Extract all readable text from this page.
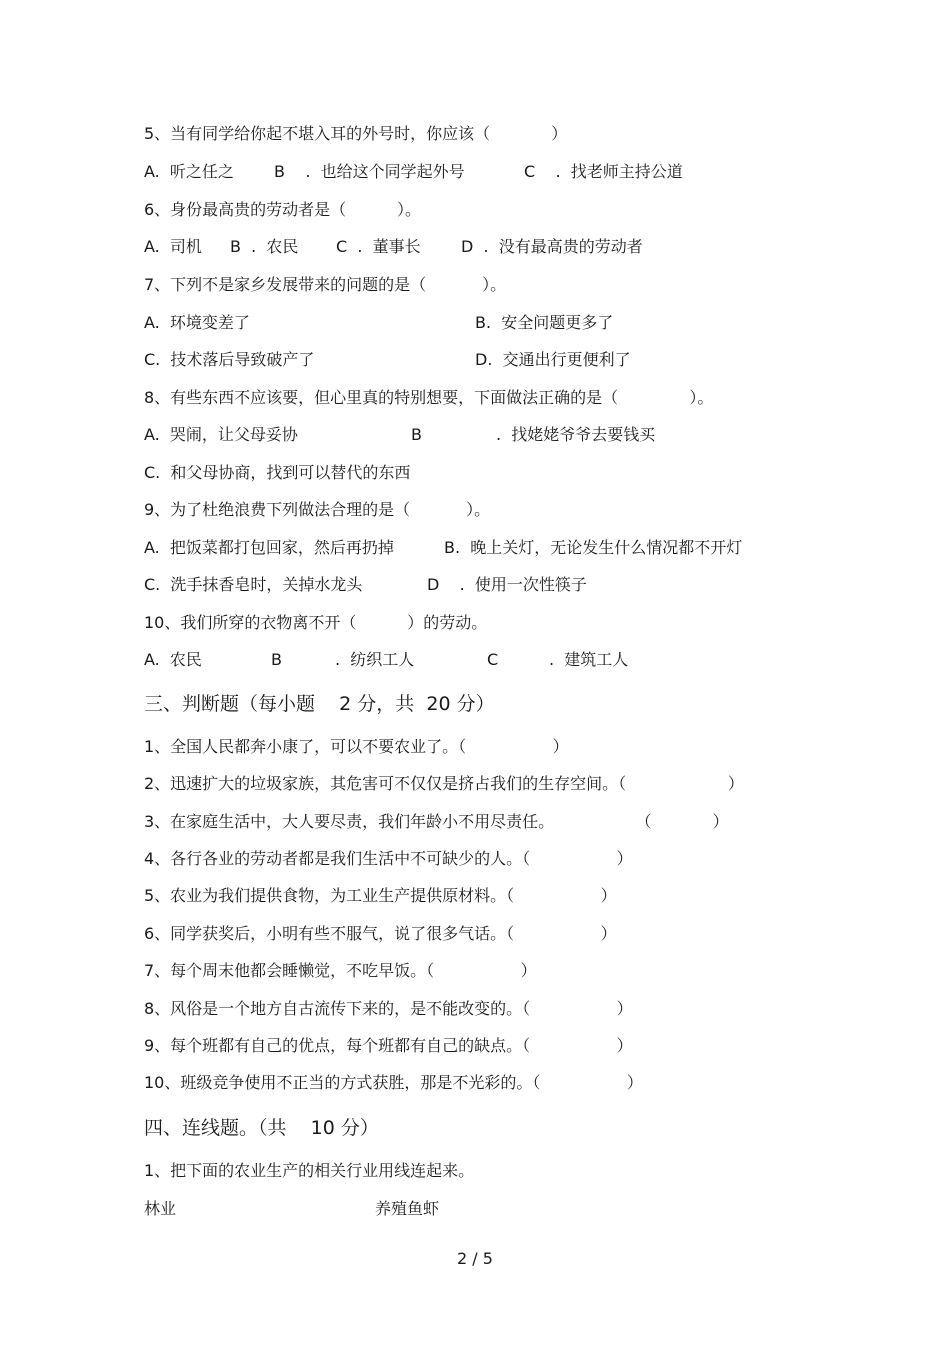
5、当有同学给你起不堪入耳的外号时，你应该（            ）

A.  听之任之

	B    .  也给这个同学起外号

	C    .  找老师主持公道

6、身份最高贵的劳动者是（          ）。

A.  司机

B  .  农民

C  .  董事长

	D  .  没有最高贵的劳动者

7、下列不是家乡发展带来的问题的是（           ）。

A.  环境变差了

	B.  安全问题更多了

C.  技术落后导致破产了

	D.  交通出行更便利了

8、有些东西不应该要，但心里真的特别想要，下面做法正确的是（              ）。

A.  哭闹，让父母妥协

	B

	.  找姥姥爷爷去要钱买

C.  和父母协商，找到可以替代的东西

9、为了杜绝浪费下列做法合理的是（           ）。

A.  把饭菜都打包回家，然后再扔掉

	B.  晚上关灯，无论发生什么情况都不开灯

C.  洗手抹香皂时，关掉水龙头

	D    .  使用一次性筷子

10、我们所穿的衣物离不开（          ）的劳动。

A.  农民

	B

	.  纺织工人

	C

	.  建筑工人

三、判断题（每小题    2 分，共  20 分）
1、全国人民都奔小康了，可以不要农业了。（                 ）
2、迅速扩大的垃圾家族，其危害可不仅仅是挤占我们的生存空间。（                    ）
3、在家庭生活中，大人要尽责，我们年龄小不用尽责任。                （            ）
4、各行各业的劳动者都是我们生活中不可缺少的人。（                 ）
5、农业为我们提供食物，为工业生产提供原材料。（                 ）
6、同学获奖后，小明有些不服气，说了很多气话。（                 ）
7、每个周末他都会睡懒觉，不吃早饭。（                 ）
8、风俗是一个地方自古流传下来的，是不能改变的。（                 ）
9、每个班都有自己的优点，每个班都有自己的缺点。（                 ）
10、班级竞争使用不正当的方式获胜，那是不光彩的。（                 ）
四、连线题。（共    10 分）
1、把下面的农业生产的相关行业用线连起来。

林业

	养殖鱼虾

2 / 5
